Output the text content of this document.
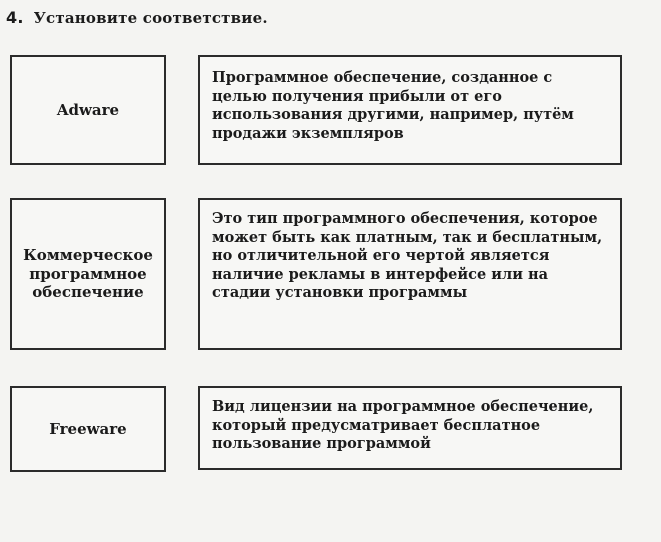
4. Установите соответствие.
Adware
Программное обеспечение, созданное с целью получения прибыли от его использования другими, например, путём продажи экземпляров
Коммерческое программное обеспечение
Это тип программного обеспечения, которое может быть как платным, так и бесплатным, но отличительной его чертой является наличие рекламы в интерфейсе или на стадии установки программы
Freeware
Вид лицензии на программное обеспечение, который предусматривает бесплатное пользование программой
